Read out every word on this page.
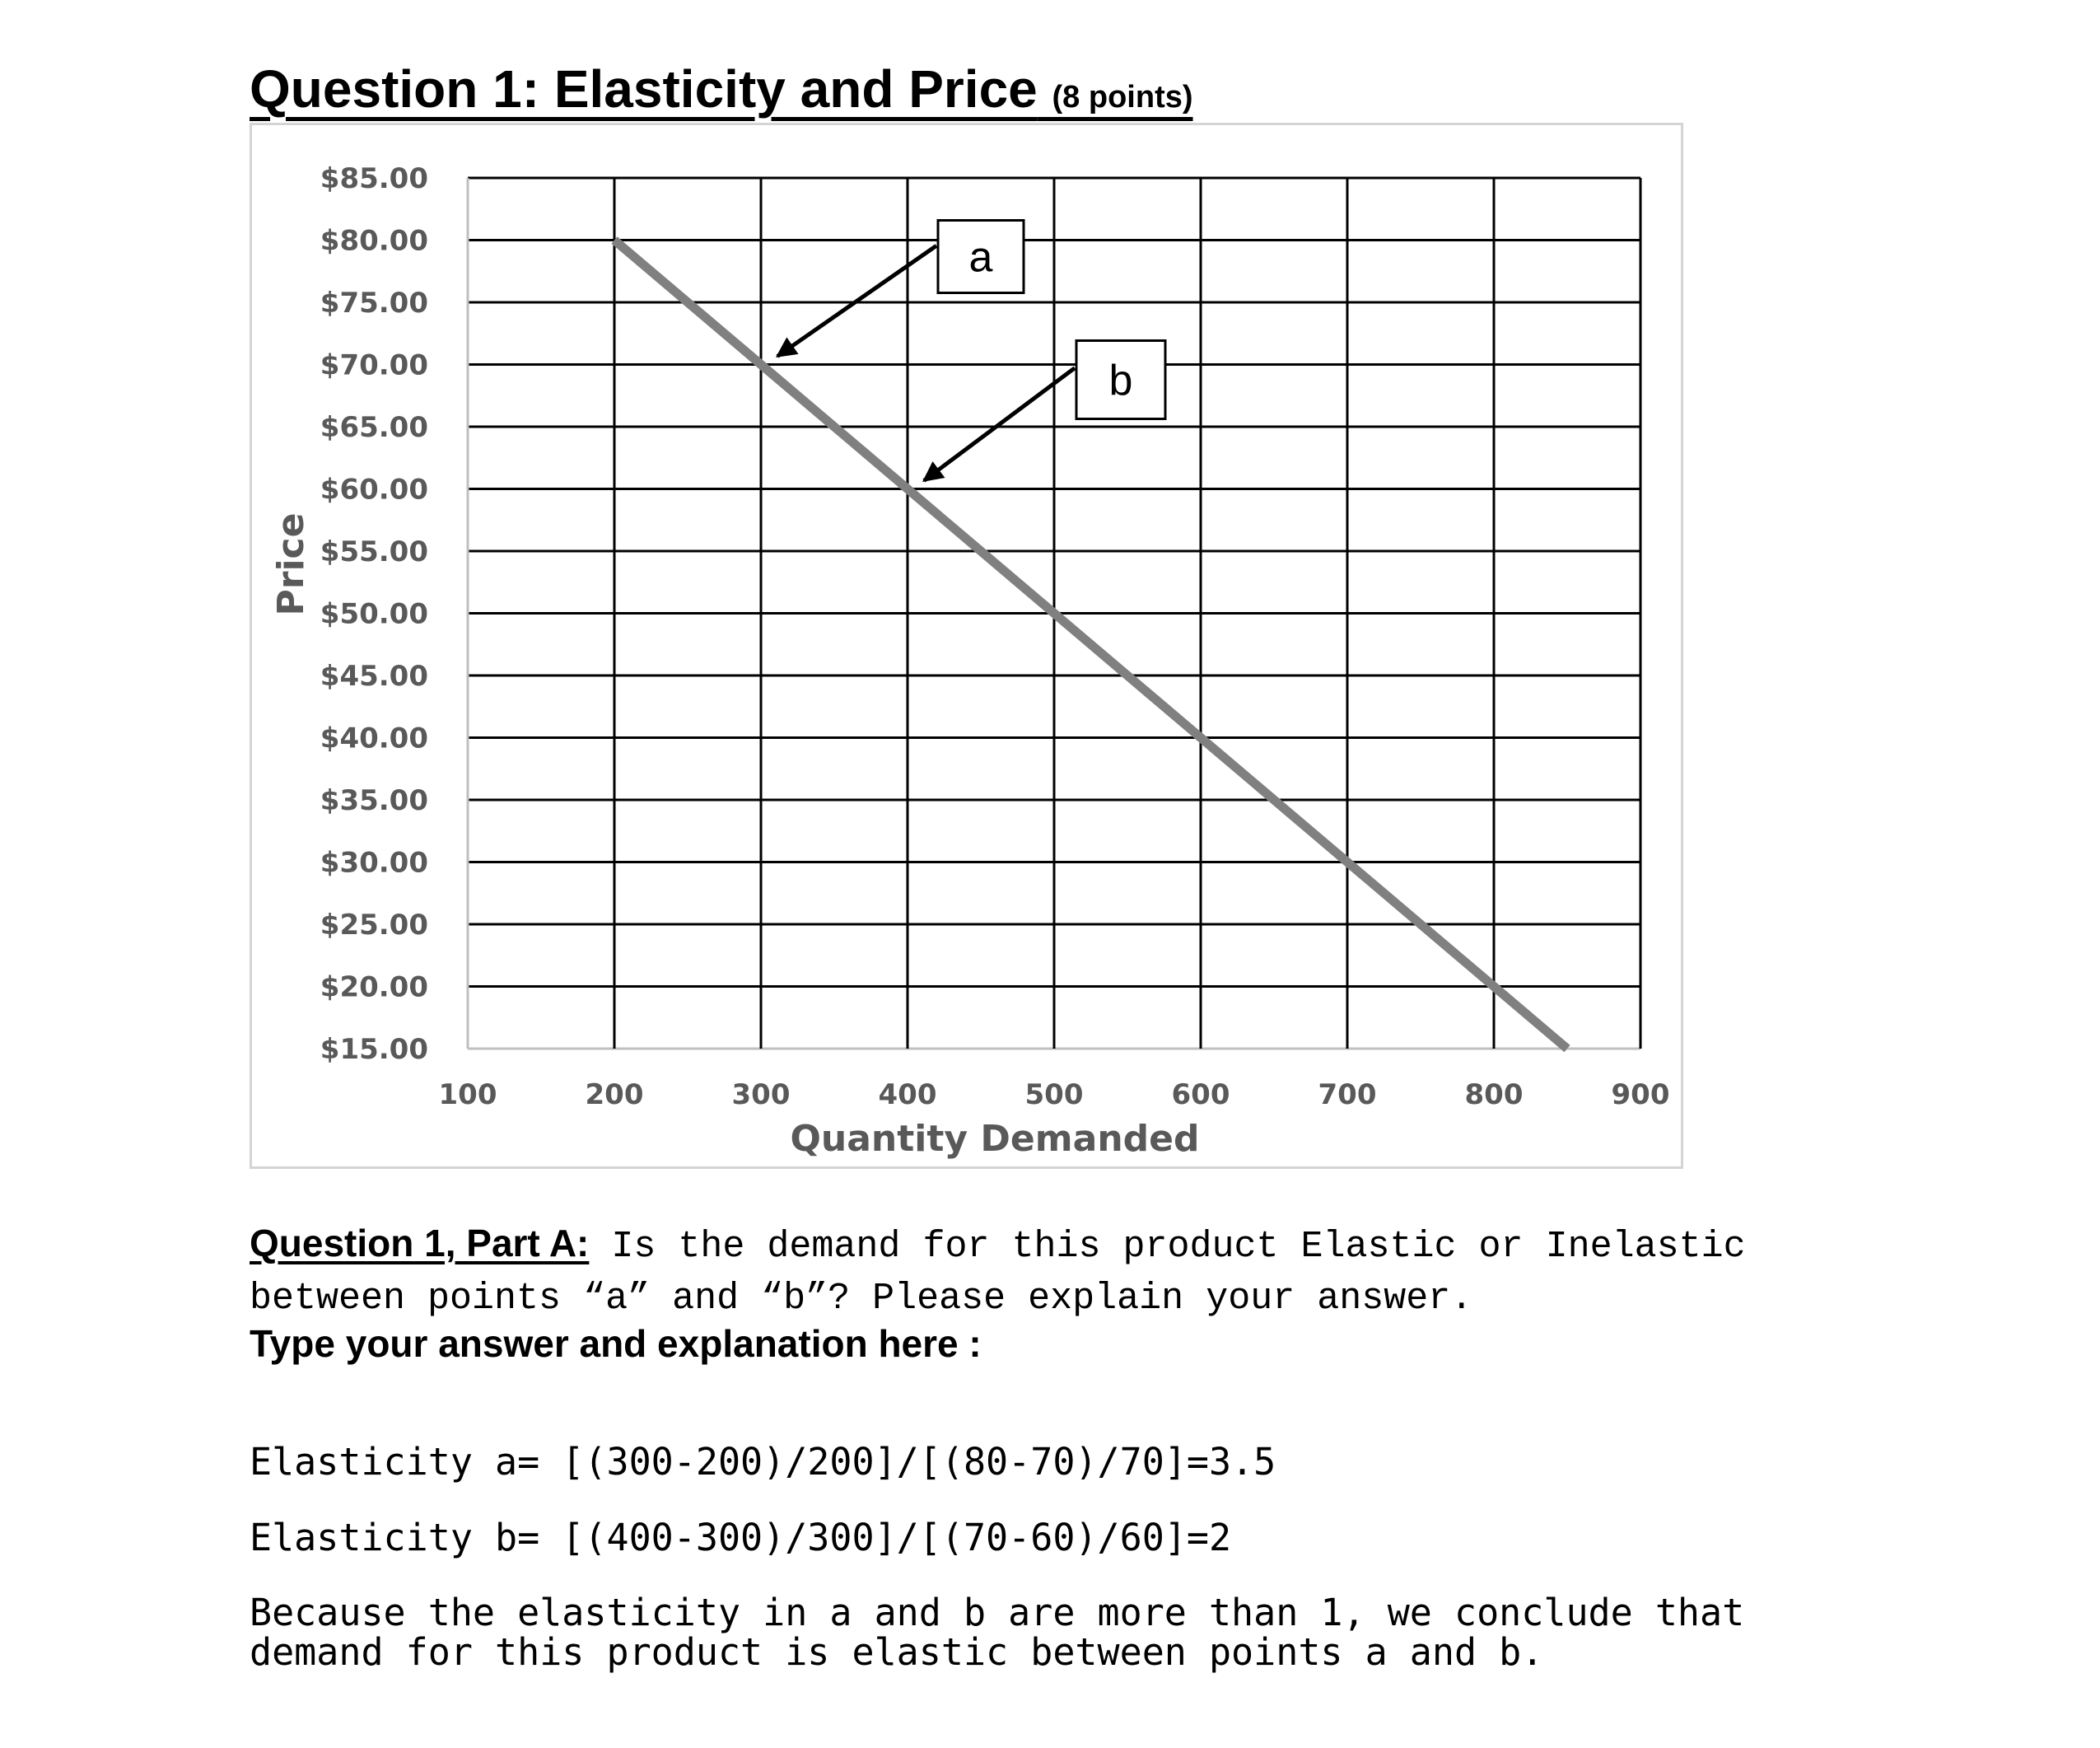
Question 1: Elasticity and Price (8 points)
$15.00
$20.00
$25.00
$30.00
$35.00
$40.00
$45.00
$50.00
$55.00
$60.00
$65.00
$70.00
$75.00
$80.00
$85.00
100	200	300	400	500	600	700	800	900
a
b
Price
Quantity Demanded
Question 1, Part A: Is the demand for this product Elastic or Inelastic between points “a” and “b”? Please explain your answer.
Type your answer and explanation here :
Elasticity a= [(300-200)/200]/[(80-70)/70]=3.5
Elasticity b= [(400-300)/300]/[(70-60)/60]=2
Because the elasticity in a and b are more than 1, we conclude that demand for this product is elastic between points a and b.
